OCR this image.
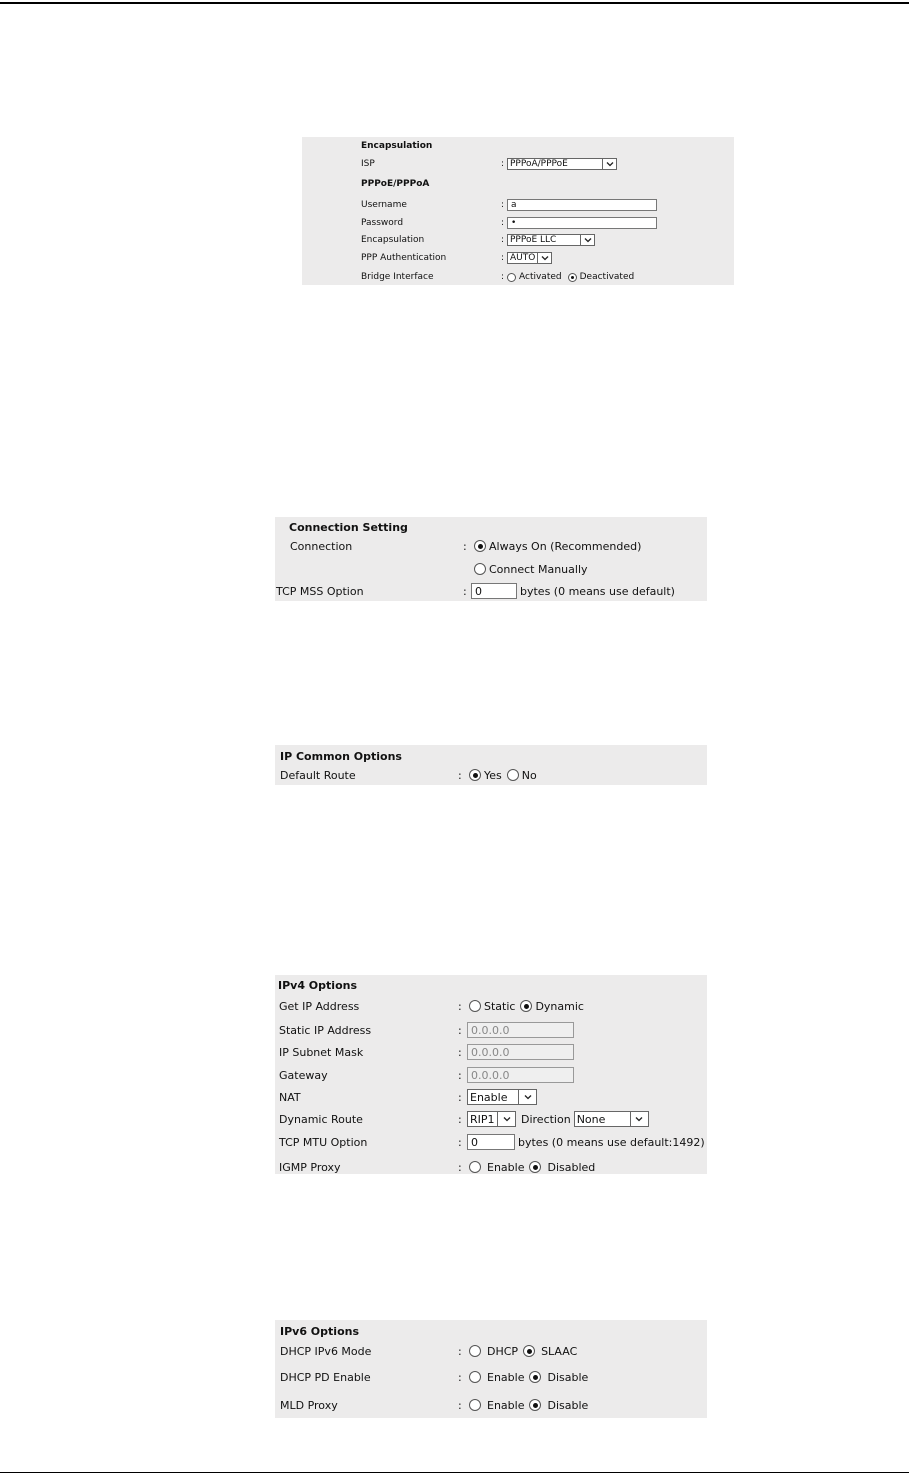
Encapsulation
ISP	: PPPoA/PPPoE
PPPoE/PPPoA
Username	: a
Password	: •
Encapsulation	: PPPoE LLC
PPP Authentication	: AUTO
Bridge Interface	: Activated Deactivated
Connection Setting
Connection	: Always On (Recommended)
Connect Manually
TCP MSS Option	: 0	bytes (0 means use default)
IP Common Options
Default Route	: Yes No
IPv4 Options
Get IP Address	: Static Dynamic
Static IP Address	: 0.0.0.0
IP Subnet Mask	: 0.0.0.0
Gateway	: 0.0.0.0
NAT	: Enable
Dynamic Route	: RIP1 Direction None
TCP MTU Option	: 0	bytes (0 means use default:1492)
IGMP Proxy	: Enable Disabled
IPv6 Options
DHCP IPv6 Mode	: DHCP SLAAC
DHCP PD Enable	: Enable Disable
MLD Proxy	: Enable Disable
